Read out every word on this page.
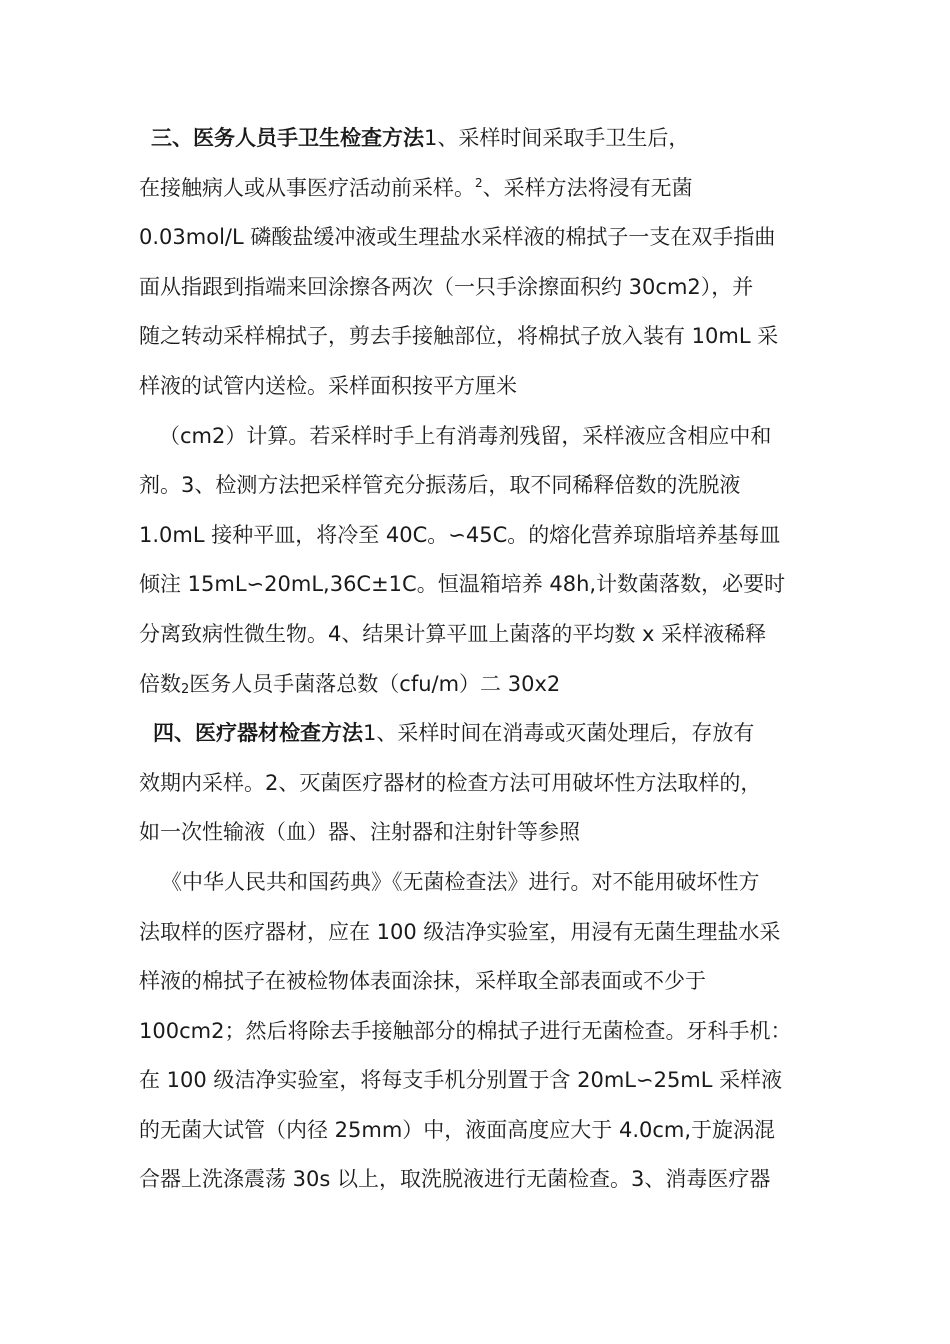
三、医务人员手卫生检查方法1、采样时间采取手卫生后，
在接触病人或从事医疗活动前采样。$^2$、采样方法将浸有无菌
0.03mol/L 磷酸盐缓冲液或生理盐水采样液的棉拭子一支在双手指曲
面从指跟到指端来回涂擦各两次（一只手涂擦面积约 30cm2），并
随之转动采样棉拭子，剪去手接触部位，将棉拭子放入装有 10mL 采
样液的试管内送检。采样面积按平方厘米
（cm2）计算。若采样时手上有消毒剂残留，采样液应含相应中和
剂。3、检测方法把采样管充分振荡后，取不同稀释倍数的洗脱液
1.0mL 接种平皿，将冷至 40C。∽45C。的熔化营养琼脂培养基每皿
倾注 15mL∽20mL,36C±1C。恒温箱培养 48h,计数菌落数，必要时
分离致病性微生物。4、结果计算平皿上菌落的平均数 x 采样液稀释
倍数2医务人员手菌落总数（cfu/m）二 30x2
四、医疗器材检查方法1、采样时间在消毒或灭菌处理后，存放有
效期内采样。2、灭菌医疗器材的检查方法可用破坏性方法取样的，
如一次性输液（血）器、注射器和注射针等参照
《中华人民共和国药典》《无菌检查法》进行。对不能用破坏性方
法取样的医疗器材，应在 100 级洁净实验室，用浸有无菌生理盐水采
样液的棉拭子在被检物体表面涂抹，采样取全部表面或不少于
100cm2；然后将除去手接触部分的棉拭子进行无菌检查。牙科手机：
在 100 级洁净实验室，将每支手机分别置于含 20mL∽25mL 采样液
的无菌大试管（内径 25mm）中，液面高度应大于 4.0cm,于旋涡混
合器上洗涤震荡 30s 以上，取洗脱液进行无菌检查。3、消毒医疗器
